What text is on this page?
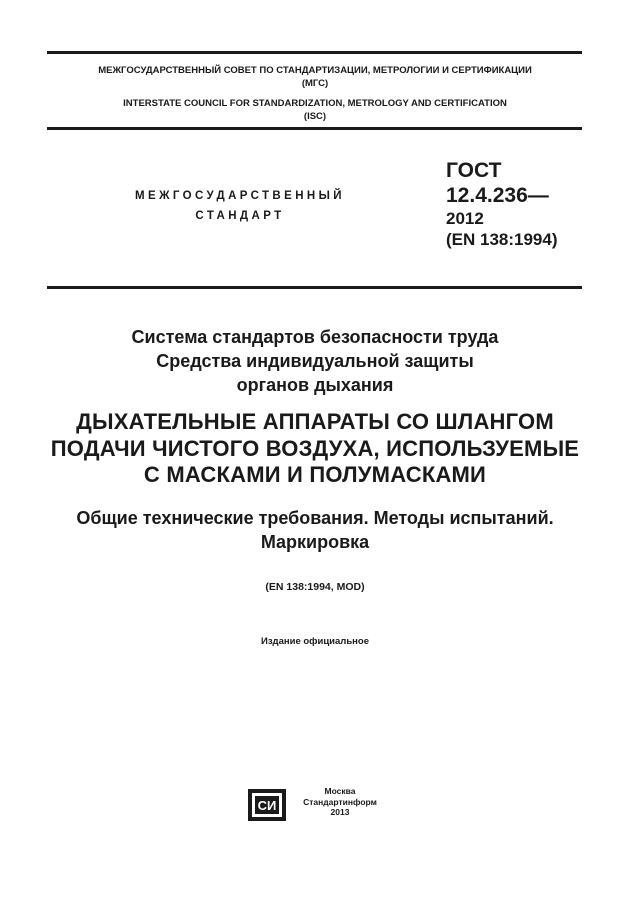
МЕЖГОСУДАРСТВЕННЫЙ СОВЕТ ПО СТАНДАРТИЗАЦИИ, МЕТРОЛОГИИ И СЕРТИФИКАЦИИ
(МГС)
INTERSTATE COUNCIL FOR STANDARDIZATION, METROLOGY AND CERTIFICATION
(ISC)
МЕЖГОСУДАРСТВЕННЫЙ
СТАНДАРТ
ГОСТ
12.4.236—
2012
(EN 138:1994)
Система стандартов безопасности труда
Средства индивидуальной защиты
органов дыхания
ДЫХАТЕЛЬНЫЕ АППАРАТЫ СО ШЛАНГОМ
ПОДАЧИ ЧИСТОГО ВОЗДУХА, ИСПОЛЬЗУЕМЫЕ
С МАСКАМИ И ПОЛУМАСКАМИ
Общие технические требования. Методы испытаний.
Маркировка
(EN 138:1994, MOD)
Издание официальное
СИ
Москва
Стандартинформ
2013
